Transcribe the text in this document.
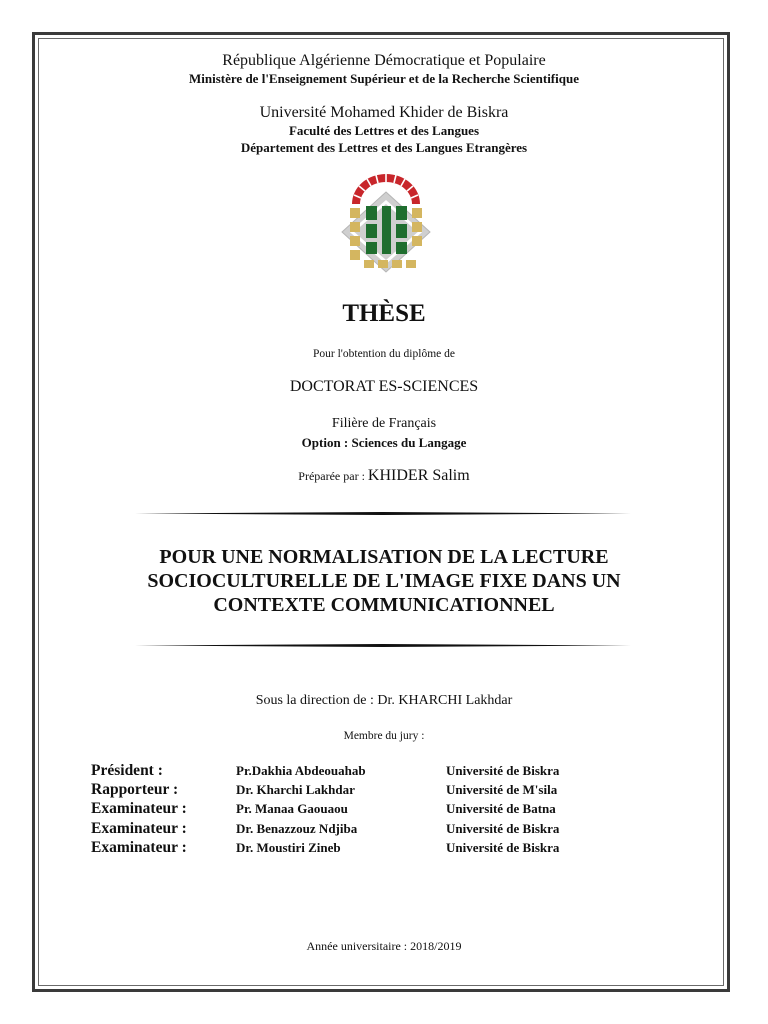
République Algérienne Démocratique et Populaire

Ministère de l'Enseignement Supérieur et de la Recherche Scientifique

Université Mohamed Khider de Biskra

Faculté des Lettres et des Langues

Département des Lettres et des Langues Etrangères

THÈSE

Pour l'obtention du diplôme de

DOCTORAT ES-SCIENCES

Filière de Français

Option : Sciences du Langage

Préparée par : KHIDER Salim

POUR UNE NORMALISATION DE LA LECTURE

SOCIOCULTURELLE DE L'IMAGE FIXE DANS UN

CONTEXTE COMMUNICATIONNEL

Sous la direction de : Dr. KHARCHI Lakhdar

Membre du jury :

Président :	Pr.Dakhia Abdeouahab	Université de Biskra
Rapporteur :	Dr. Kharchi Lakhdar	Université de M'sila
Examinateur :	Pr. Manaa Gaouaou	Université de Batna
Examinateur :	Dr. Benazzouz Ndjiba	Université de Biskra
Examinateur :	Dr. Moustiri Zineb	Université de Biskra

Année universitaire : 2018/2019
